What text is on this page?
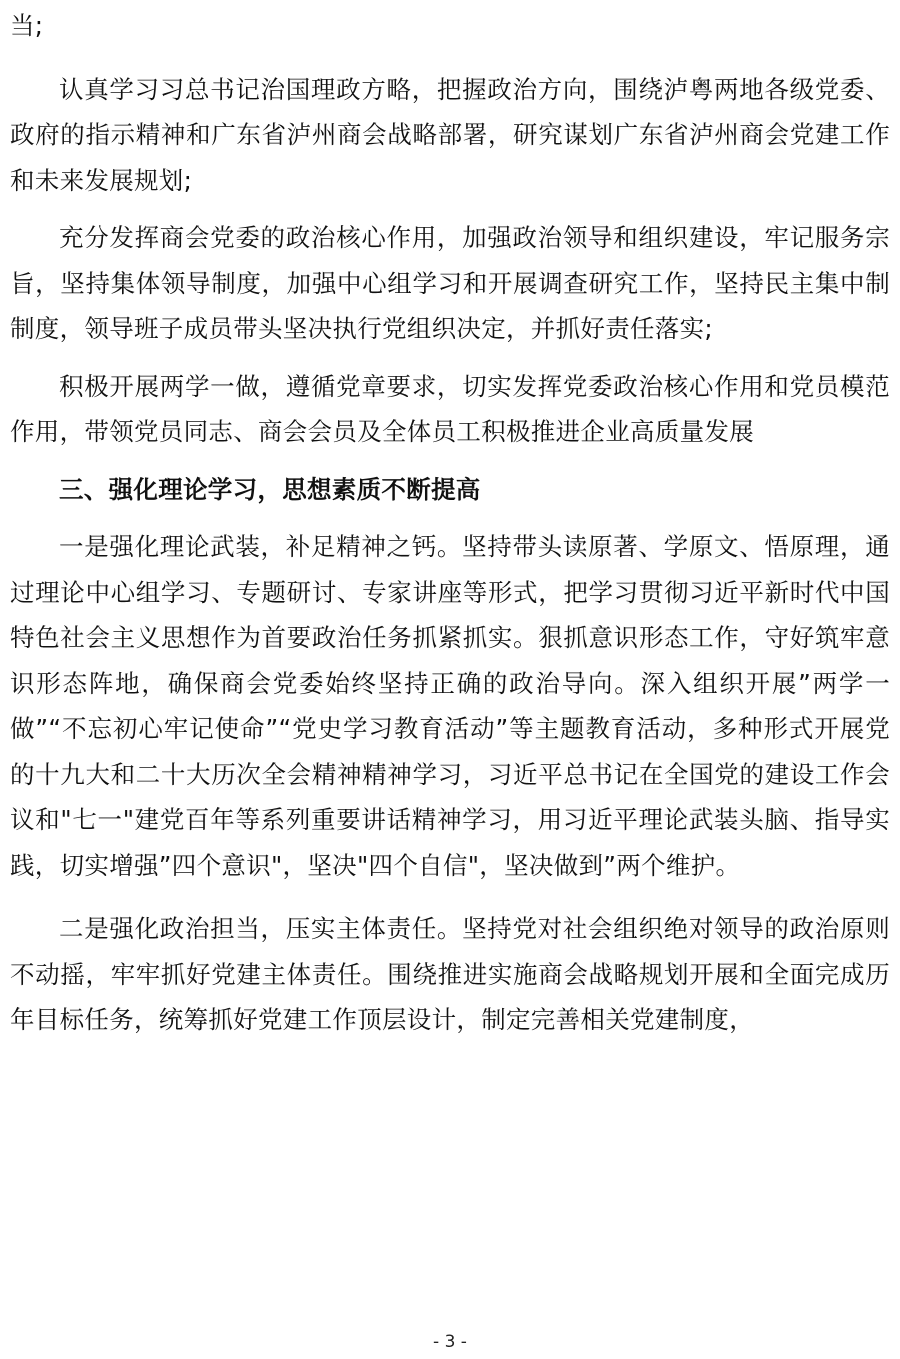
当;

认真学习习总书记治国理政方略，把握政治方向，围绕泸粤两地各级党委、政府的指示精神和广东省泸州商会战略部署，研究谋划广东省泸州商会党建工作和未来发展规划;

充分发挥商会党委的政治核心作用，加强政治领导和组织建设，牢记服务宗旨，坚持集体领导制度，加强中心组学习和开展调查研究工作，坚持民主集中制制度，领导班子成员带头坚决执行党组织决定，并抓好责任落实;

积极开展两学一做，遵循党章要求，切实发挥党委政治核心作用和党员模范作用，带领党员同志、商会会员及全体员工积极推进企业高质量发展

三、强化理论学习，思想素质不断提高

一是强化理论武装，补足精神之钙。坚持带头读原著、学原文、悟原理，通过理论中心组学习、专题研讨、专家讲座等形式，把学习贯彻习近平新时代中国特色社会主义思想作为首要政治任务抓紧抓实。狠抓意识形态工作，守好筑牢意识形态阵地，确保商会党委始终坚持正确的政治导向。深入组织开展”两学一做”“不忘初心牢记使命”“党史学习教育活动”等主题教育活动，多种形式开展党的十九大和二十大历次全会精神精神学习，习近平总书记在全国党的建设工作会议和"七一"建党百年等系列重要讲话精神学习，用习近平理论武装头脑、指导实践，切实增强”四个意识"，坚决"四个自信"，坚决做到”两个维护。

二是强化政治担当，压实主体责任。坚持党对社会组织绝对领导的政治原则不动摇，牢牢抓好党建主体责任。围绕推进实施商会战略规划开展和全面完成历年目标任务，统筹抓好党建工作顶层设计，制定完善相关党建制度，

- 3 -
